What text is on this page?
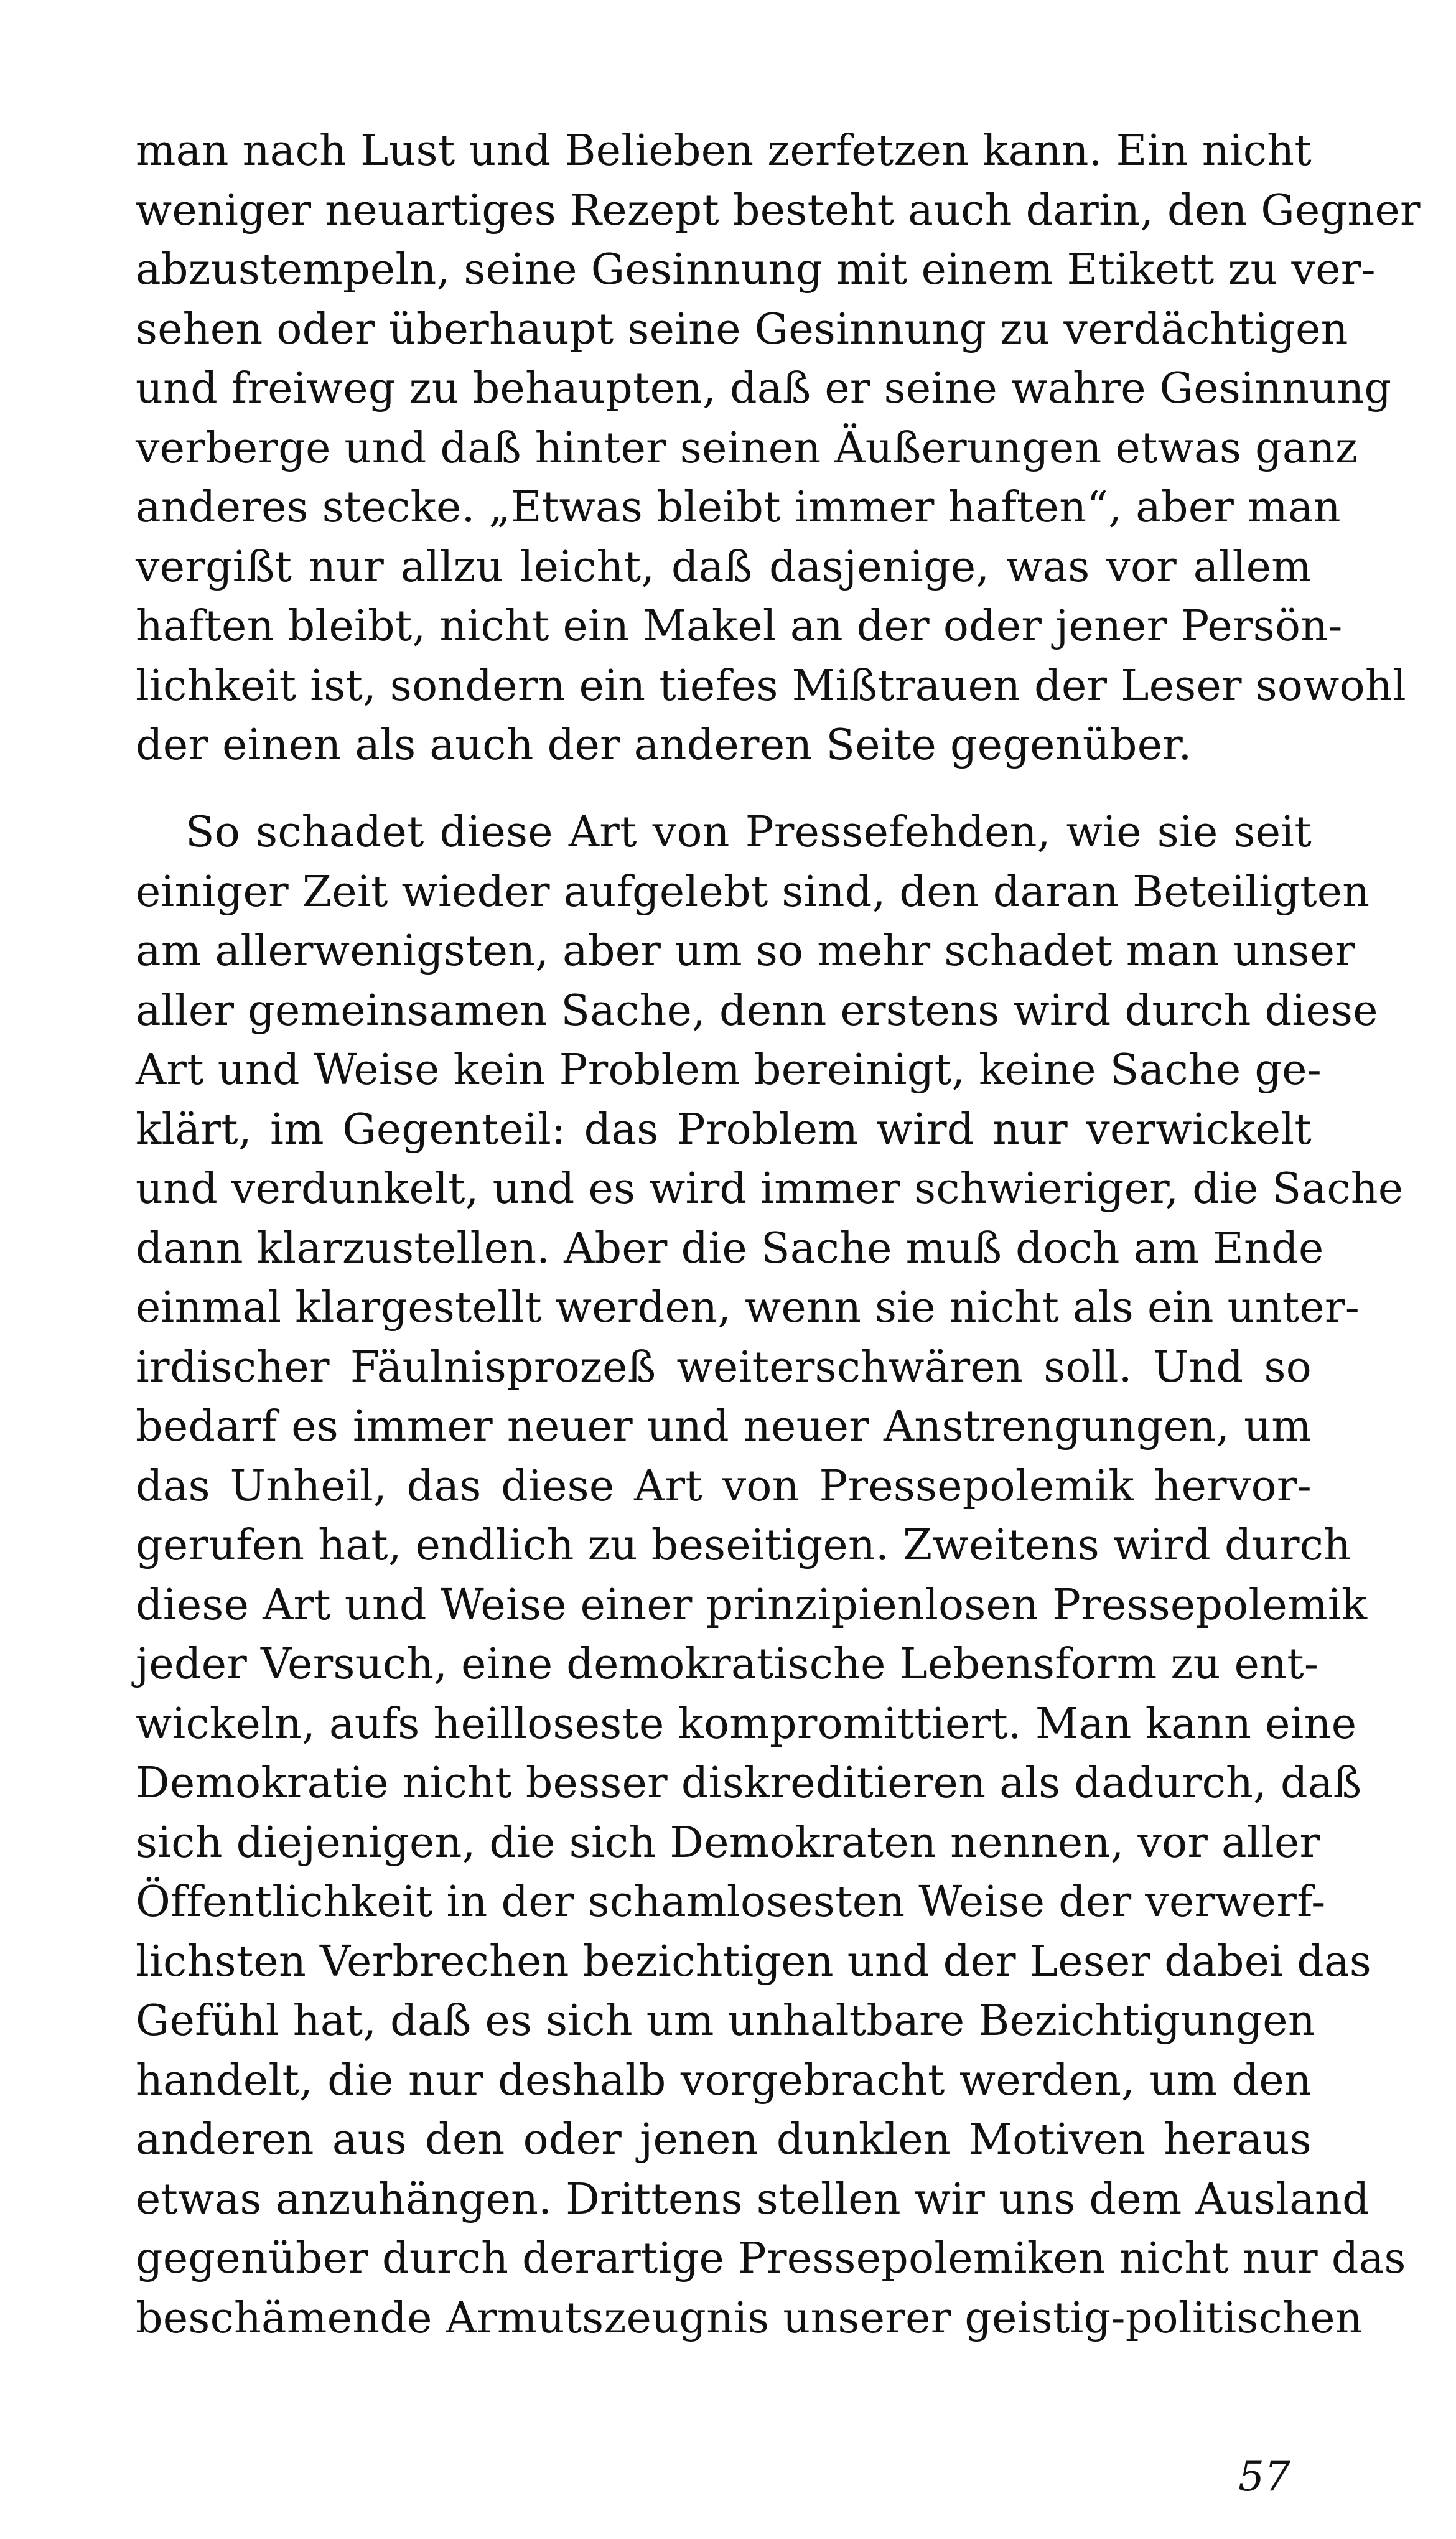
man nach Lust und Belieben zerfetzen kann. Ein nicht
weniger neuartiges Rezept besteht auch darin, den Gegner
abzustempeln, seine Gesinnung mit einem Etikett zu ver-
sehen oder überhaupt seine Gesinnung zu verdächtigen
und freiweg zu behaupten, daß er seine wahre Gesinnung
verberge und daß hinter seinen Äußerungen etwas ganz
anderes stecke. „Etwas bleibt immer haften“, aber man
vergißt nur allzu leicht, daß dasjenige, was vor allem
haften bleibt, nicht ein Makel an der oder jener Persön-
lichkeit ist, sondern ein tiefes Mißtrauen der Leser sowohl
der einen als auch der anderen Seite gegenüber.
So schadet diese Art von Pressefehden, wie sie seit
einiger Zeit wieder aufgelebt sind, den daran Beteiligten
am allerwenigsten, aber um so mehr schadet man unser
aller gemeinsamen Sache, denn erstens wird durch diese
Art und Weise kein Problem bereinigt, keine Sache ge-
klärt, im Gegenteil: das Problem wird nur verwickelt
und verdunkelt, und es wird immer schwieriger, die Sache
dann klarzustellen. Aber die Sache muß doch am Ende
einmal klargestellt werden, wenn sie nicht als ein unter-
irdischer Fäulnisprozeß weiterschwären soll. Und so
bedarf es immer neuer und neuer Anstrengungen, um
das Unheil, das diese Art von Pressepolemik hervor-
gerufen hat, endlich zu beseitigen. Zweitens wird durch
diese Art und Weise einer prinzipienlosen Pressepolemik
jeder Versuch, eine demokratische Lebensform zu ent-
wickeln, aufs heilloseste kompromittiert. Man kann eine
Demokratie nicht besser diskreditieren als dadurch, daß
sich diejenigen, die sich Demokraten nennen, vor aller
Öffentlichkeit in der schamlosesten Weise der verwerf-
lichsten Verbrechen bezichtigen und der Leser dabei das
Gefühl hat, daß es sich um unhaltbare Bezichtigungen
handelt, die nur deshalb vorgebracht werden, um den
anderen aus den oder jenen dunklen Motiven heraus
etwas anzuhängen. Drittens stellen wir uns dem Ausland
gegenüber durch derartige Pressepolemiken nicht nur das
beschämende Armutszeugnis unserer geistig-politischen
57
